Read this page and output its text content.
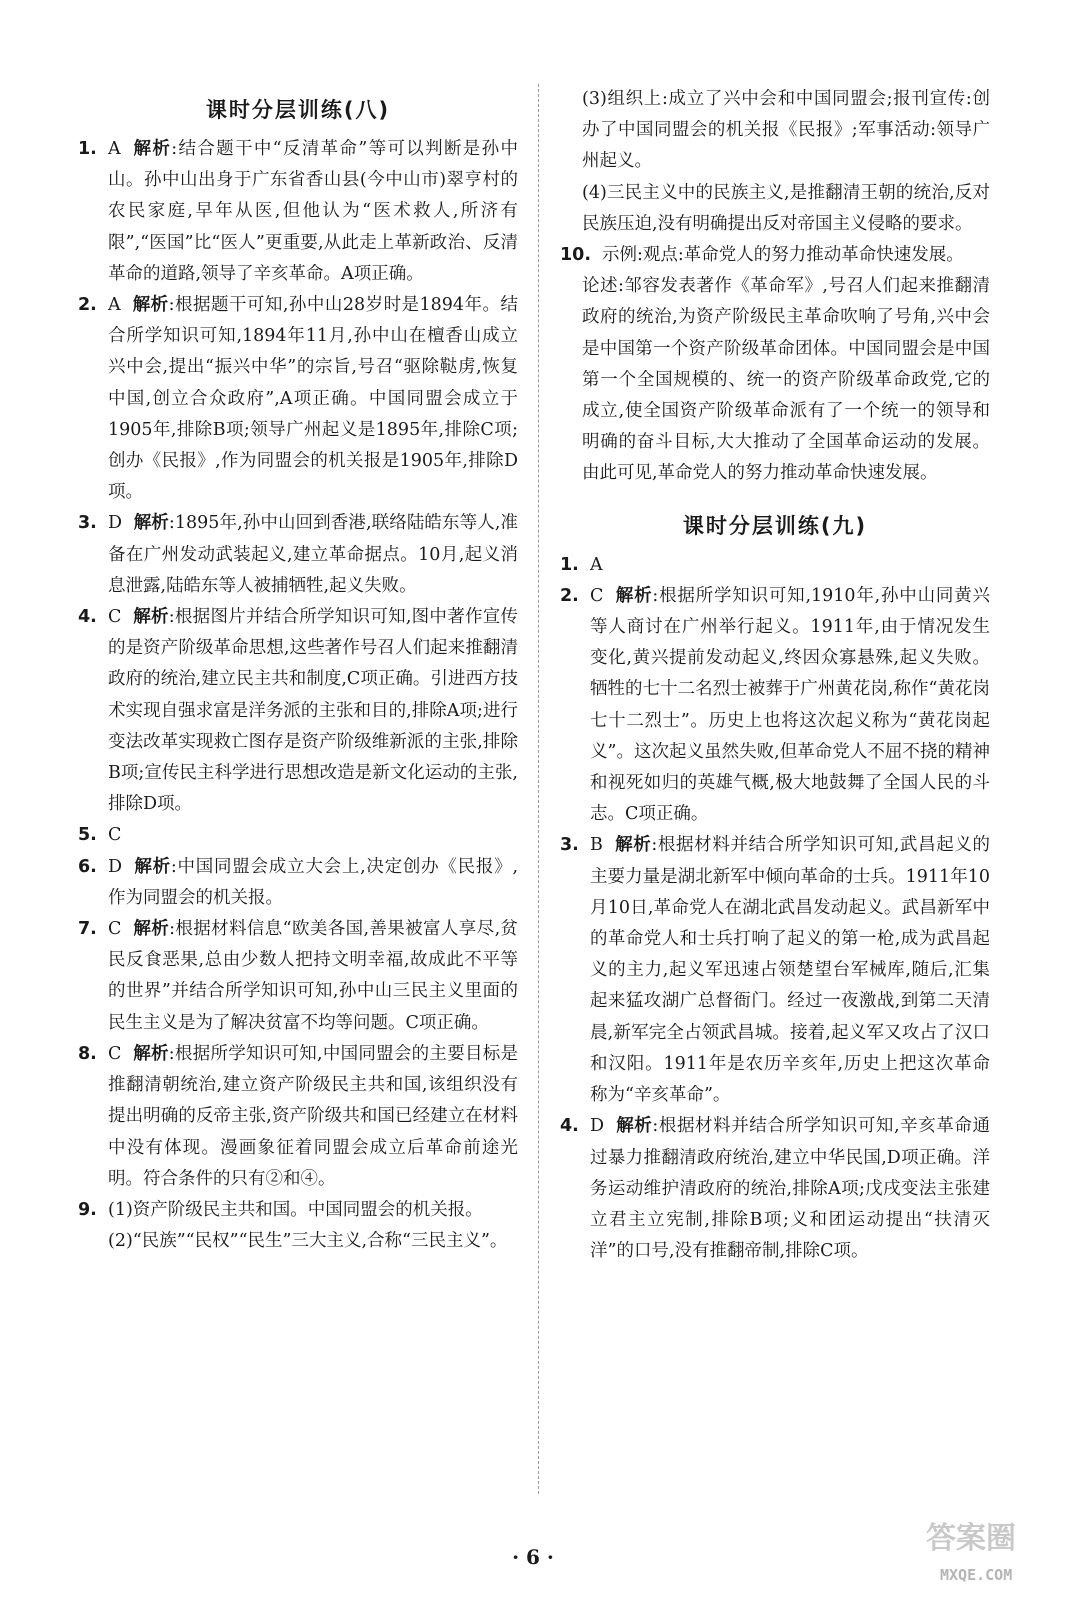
课时分层训练(八)
1. A 解析:结合题干中“反清革命”等可以判断是孙中山。孙中山出身于广东省香山县(今中山市)翠亨村的农民家庭,早年从医,但他认为“医术救人,所济有限”,“医国”比“医人”更重要,从此走上革新政治、反清革命的道路,领导了辛亥革命。A项正确。
2. A 解析:根据题干可知,孙中山28岁时是1894年。结合所学知识可知,1894年11月,孙中山在檀香山成立兴中会,提出“振兴中华”的宗旨,号召“驱除鞑虏,恢复中国,创立合众政府”,A项正确。中国同盟会成立于1905年,排除B项;领导广州起义是1895年,排除C项;创办《民报》,作为同盟会的机关报是1905年,排除D项。
3. D 解析:1895年,孙中山回到香港,联络陆皓东等人,准备在广州发动武装起义,建立革命据点。10月,起义消息泄露,陆皓东等人被捕牺牲,起义失败。
4. C 解析:根据图片并结合所学知识可知,图中著作宣传的是资产阶级革命思想,这些著作号召人们起来推翻清政府的统治,建立民主共和制度,C项正确。引进西方技术实现自强求富是洋务派的主张和目的,排除A项;进行变法改革实现救亡图存是资产阶级维新派的主张,排除B项;宣传民主科学进行思想改造是新文化运动的主张,排除D项。
5. C
6. D 解析:中国同盟会成立大会上,决定创办《民报》,作为同盟会的机关报。
7. C 解析:根据材料信息“欧美各国,善果被富人享尽,贫民反食恶果,总由少数人把持文明幸福,故成此不平等的世界”并结合所学知识可知,孙中山三民主义里面的民生主义是为了解决贫富不均等问题。C项正确。
8. C 解析:根据所学知识可知,中国同盟会的主要目标是推翻清朝统治,建立资产阶级民主共和国,该组织没有提出明确的反帝主张,资产阶级共和国已经建立在材料中没有体现。漫画象征着同盟会成立后革命前途光明。符合条件的只有②和④。
9. (1)资产阶级民主共和国。中国同盟会的机关报。
(2)“民族”“民权”“民生”三大主义,合称“三民主义”。
(3)组织上:成立了兴中会和中国同盟会;报刊宣传:创办了中国同盟会的机关报《民报》;军事活动:领导广州起义。
(4)三民主义中的民族主义,是推翻清王朝的统治,反对民族压迫,没有明确提出反对帝国主义侵略的要求。
10. 示例:观点:革命党人的努力推动革命快速发展。
论述:邹容发表著作《革命军》,号召人们起来推翻清政府的统治,为资产阶级民主革命吹响了号角,兴中会是中国第一个资产阶级革命团体。中国同盟会是中国第一个全国规模的、统一的资产阶级革命政党,它的成立,使全国资产阶级革命派有了一个统一的领导和明确的奋斗目标,大大推动了全国革命运动的发展。由此可见,革命党人的努力推动革命快速发展。
课时分层训练(九)
1. A
2. C 解析:根据所学知识可知,1910年,孙中山同黄兴等人商讨在广州举行起义。1911年,由于情况发生变化,黄兴提前发动起义,终因众寡悬殊,起义失败。牺牲的七十二名烈士被葬于广州黄花岗,称作“黄花岗七十二烈士”。历史上也将这次起义称为“黄花岗起义”。这次起义虽然失败,但革命党人不屈不挠的精神和视死如归的英雄气概,极大地鼓舞了全国人民的斗志。C项正确。
3. B 解析:根据材料并结合所学知识可知,武昌起义的主要力量是湖北新军中倾向革命的士兵。1911年10月10日,革命党人在湖北武昌发动起义。武昌新军中的革命党人和士兵打响了起义的第一枪,成为武昌起义的主力,起义军迅速占领楚望台军械库,随后,汇集起来猛攻湖广总督衙门。经过一夜激战,到第二天清晨,新军完全占领武昌城。接着,起义军又攻占了汉口和汉阳。1911年是农历辛亥年,历史上把这次革命称为“辛亥革命”。
4. D 解析:根据材料并结合所学知识可知,辛亥革命通过暴力推翻清政府统治,建立中华民国,D项正确。洋务运动维护清政府的统治,排除A项;戊戌变法主张建立君主立宪制,排除B项;义和团运动提出“扶清灭洋”的口号,没有推翻帝制,排除C项。
· 6 ·
答案圈
MXQE.COM
